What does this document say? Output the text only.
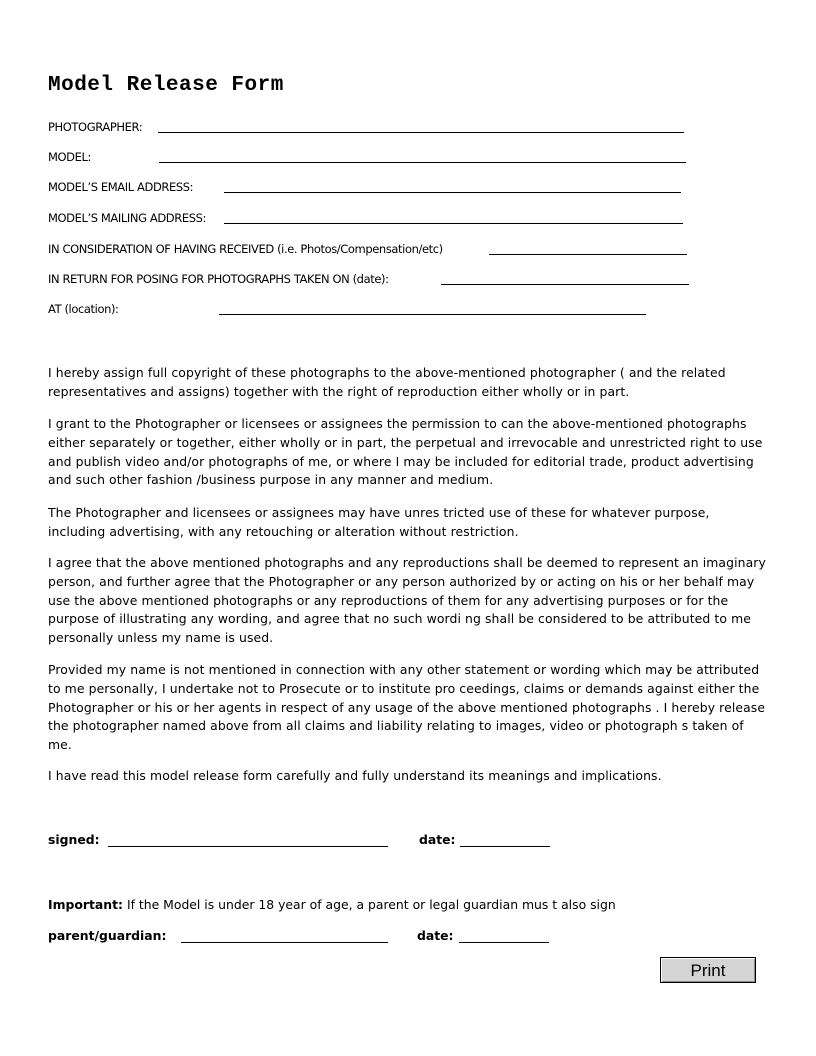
Model Release Form
PHOTOGRAPHER:
MODEL:
MODEL’S EMAIL ADDRESS:
MODEL’S MAILING ADDRESS:
IN CONSIDERATION OF HAVING RECEIVED (i.e. Photos/Compensation/etc)
IN RETURN FOR POSING FOR PHOTOGRAPHS TAKEN ON (date):
AT (location):

I hereby assign full copyright of these photographs to the above-mentioned photographer ( and the related representatives and assigns) together with the right of reproduction either wholly or in part.

I grant to the Photographer or licensees or assignees the permission to can the above-mentioned photographs either separately or together, either wholly or in part, the perpetual and irrevocable and unrestricted right to use and publish video and/or photographs of me, or where I may be included for editorial trade, product advertising and such other fashion /business purpose in any manner and medium.

The Photographer and licensees or assignees may have unres tricted use of these for whatever purpose, including advertising, with any retouching or alteration without restriction.

I agree that the above mentioned photographs and any reproductions shall be deemed to represent an imaginary person, and further agree that the Photographer or any person authorized by or acting on his or her behalf may use the above mentioned photographs or any reproductions of them for any advertising purposes or for the purpose of illustrating any wording, and agree that no such wordi ng shall be considered to be attributed to me personally unless my name is used.

Provided my name is not mentioned in connection with any other statement or wording which may be attributed to me personally, I undertake not to Prosecute or to institute pro ceedings, claims or demands against either the Photographer or his or her agents in respect of any usage of the above mentioned photographs . I hereby release the photographer named above from all claims and liability relating to images, video or photograph s taken of me.

I have read this model release form carefully and fully understand its meanings and implications.

signed:	date:
Important: If the Model is under 18 year of age, a parent or legal guardian mus t also sign
parent/guardian:	date:
Print
